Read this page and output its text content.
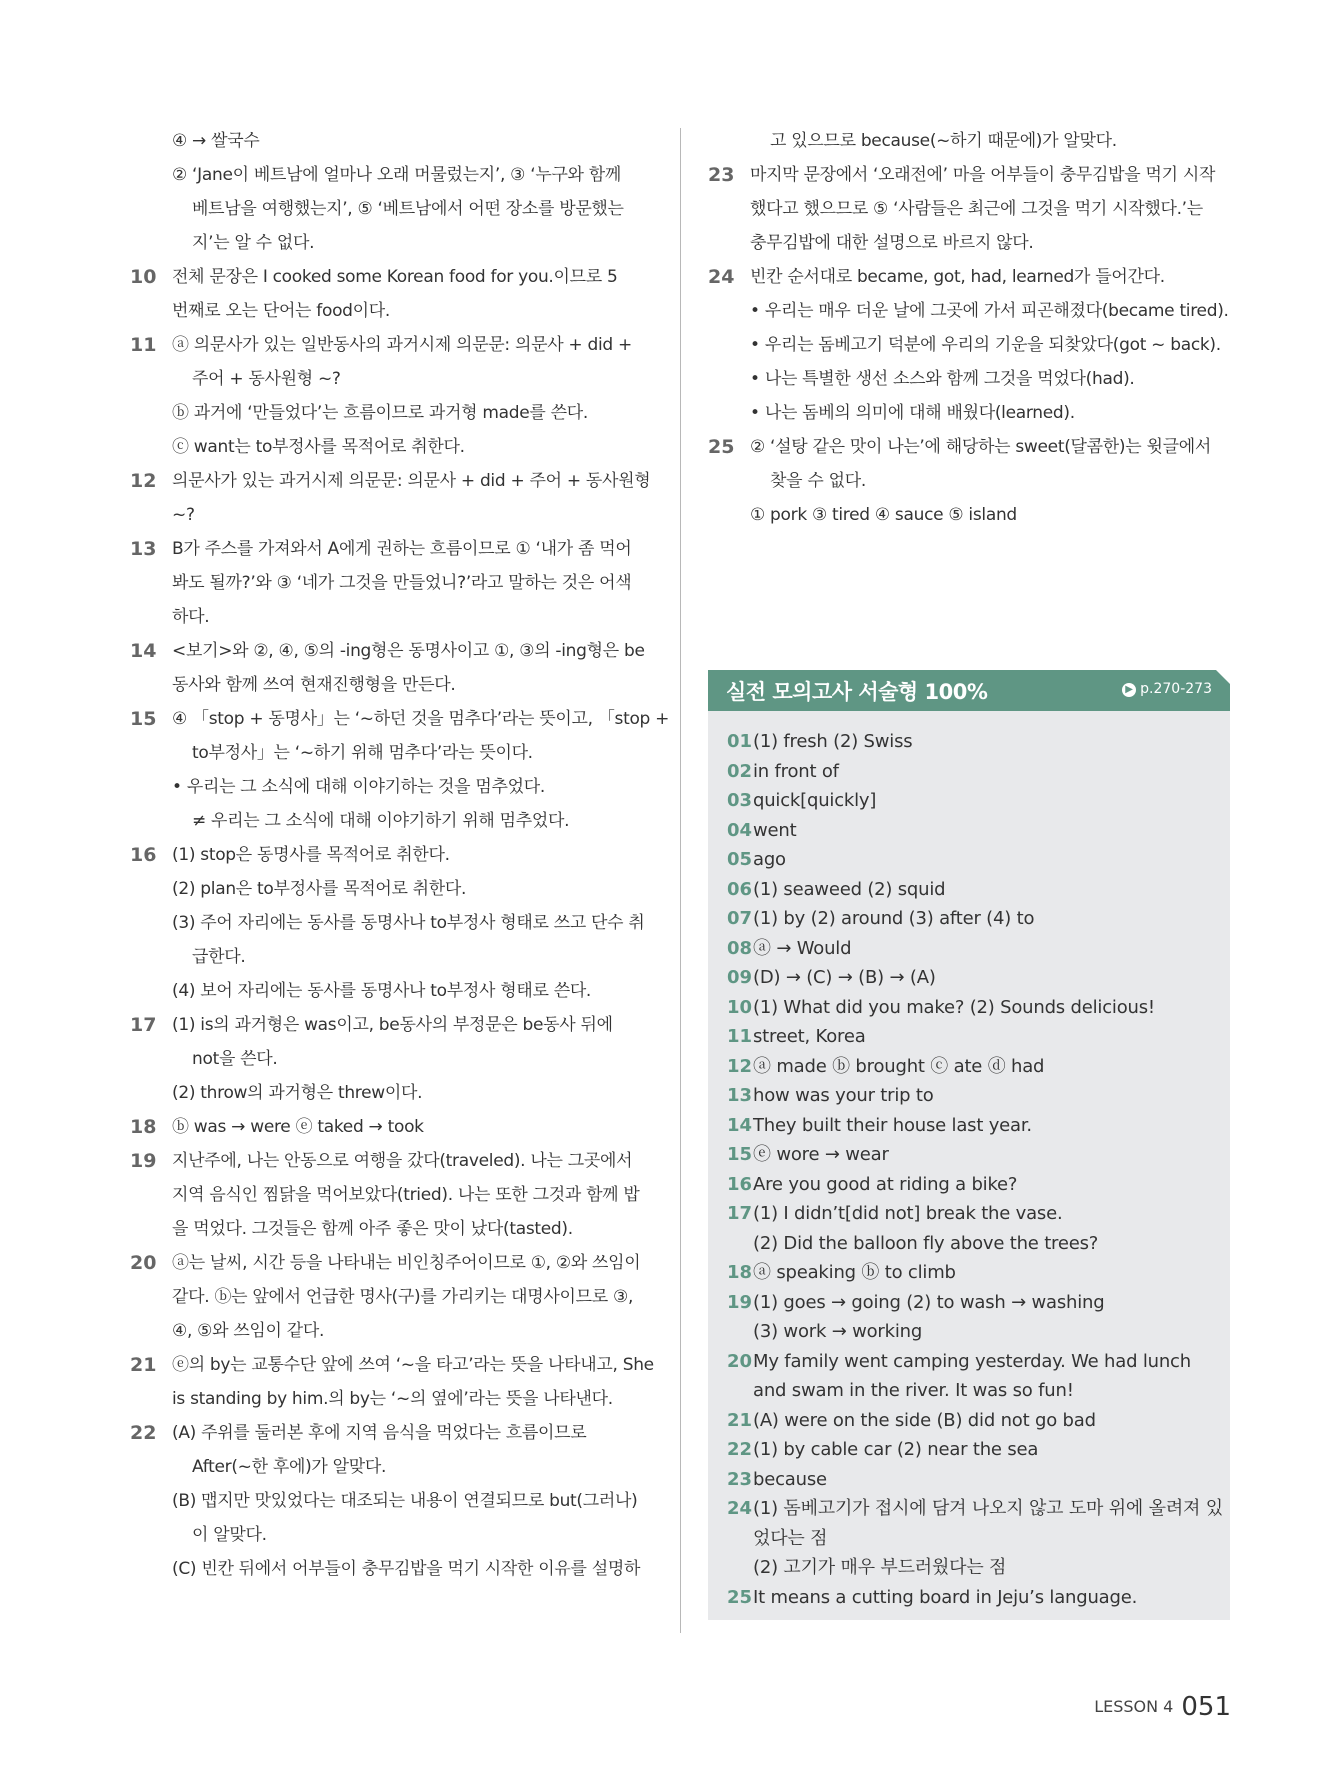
④ → 쌀국수
② ‘Jane이 베트남에 얼마나 오래 머물렀는지’, ③ ‘누구와 함께
베트남을 여행했는지’, ⑤ ‘베트남에서 어떤 장소를 방문했는
지’는 알 수 없다.
10 전체 문장은 I cooked some Korean food for you.이므로 5
번째로 오는 단어는 food이다.
11 ⓐ 의문사가 있는 일반동사의 과거시제 의문문: 의문사 + did +
주어 + 동사원형 ~?
ⓑ 과거에 ‘만들었다’는 흐름이므로 과거형 made를 쓴다.
ⓒ want는 to부정사를 목적어로 취한다.
12 의문사가 있는 과거시제 의문문: 의문사 + did + 주어 + 동사원형
~?
13 B가 주스를 가져와서 A에게 권하는 흐름이므로 ① ‘내가 좀 먹어
봐도 될까?’와 ③ ‘네가 그것을 만들었니?’라고 말하는 것은 어색
하다.
14 <보기>와 ②, ④, ⑤의 -ing형은 동명사이고 ①, ③의 -ing형은 be
동사와 함께 쓰여 현재진행형을 만든다.
15 ④ 「stop + 동명사」는 ‘~하던 것을 멈추다’라는 뜻이고, 「stop +
to부정사」는 ‘~하기 위해 멈추다’라는 뜻이다.
• 우리는 그 소식에 대해 이야기하는 것을 멈추었다.
≠ 우리는 그 소식에 대해 이야기하기 위해 멈추었다.
16 (1) stop은 동명사를 목적어로 취한다.
(2) plan은 to부정사를 목적어로 취한다.
(3) 주어 자리에는 동사를 동명사나 to부정사 형태로 쓰고 단수 취
급한다.
(4) 보어 자리에는 동사를 동명사나 to부정사 형태로 쓴다.
17 (1) is의 과거형은 was이고, be동사의 부정문은 be동사 뒤에
not을 쓴다.
(2) throw의 과거형은 threw이다.
18 ⓑ was → were ⓔ taked → took
19 지난주에, 나는 안동으로 여행을 갔다(traveled). 나는 그곳에서
지역 음식인 찜닭을 먹어보았다(tried). 나는 또한 그것과 함께 밥
을 먹었다. 그것들은 함께 아주 좋은 맛이 났다(tasted).
20 ⓐ는 날씨, 시간 등을 나타내는 비인칭주어이므로 ①, ②와 쓰임이
같다. ⓑ는 앞에서 언급한 명사(구)를 가리키는 대명사이므로 ③,
④, ⑤와 쓰임이 같다.
21 ⓔ의 by는 교통수단 앞에 쓰여 ‘~을 타고’라는 뜻을 나타내고, She
is standing by him.의 by는 ‘~의 옆에’라는 뜻을 나타낸다.
22 (A) 주위를 둘러본 후에 지역 음식을 먹었다는 흐름이므로
After(~한 후에)가 알맞다.
(B) 맵지만 맛있었다는 대조되는 내용이 연결되므로 but(그러나)
이 알맞다.
(C) 빈칸 뒤에서 어부들이 충무김밥을 먹기 시작한 이유를 설명하
고 있으므로 because(~하기 때문에)가 알맞다.
23 마지막 문장에서 ‘오래전에’ 마을 어부들이 충무김밥을 먹기 시작
했다고 했으므로 ⑤ ‘사람들은 최근에 그것을 먹기 시작했다.’는
충무김밥에 대한 설명으로 바르지 않다.
24 빈칸 순서대로 became, got, had, learned가 들어간다.
• 우리는 매우 더운 날에 그곳에 가서 피곤해졌다(became tired).
• 우리는 돔베고기 덕분에 우리의 기운을 되찾았다(got ~ back).
• 나는 특별한 생선 소스와 함께 그것을 먹었다(had).
• 나는 돔베의 의미에 대해 배웠다(learned).
25 ② ‘설탕 같은 맛이 나는’에 해당하는 sweet(달콤한)는 윗글에서
찾을 수 없다.
① pork ③ tired ④ sauce ⑤ island
실전 모의고사 서술형 100%	▶ p.270-273
01 (1) fresh (2) Swiss
02 in front of
03 quick[quickly]
04 went
05 ago
06 (1) seaweed (2) squid
07 (1) by (2) around (3) after (4) to
08 ⓐ → Would
09 (D) → (C) → (B) → (A)
10 (1) What did you make? (2) Sounds delicious!
11 street, Korea
12 ⓐ made ⓑ brought ⓒ ate ⓓ had
13 how was your trip to
14 They built their house last year.
15 ⓔ wore → wear
16 Are you good at riding a bike?
17 (1) I didn’t[did not] break the vase.
(2) Did the balloon fly above the trees?
18 ⓐ speaking ⓑ to climb
19 (1) goes → going (2) to wash → washing
(3) work → working
20 My family went camping yesterday. We had lunch
and swam in the river. It was so fun!
21 (A) were on the side (B) did not go bad
22 (1) by cable car (2) near the sea
23 because
24 (1) 돔베고기가 접시에 담겨 나오지 않고 도마 위에 올려져 있
었다는 점
(2) 고기가 매우 부드러웠다는 점
25 It means a cutting board in Jeju’s language.
LESSON 4 051
